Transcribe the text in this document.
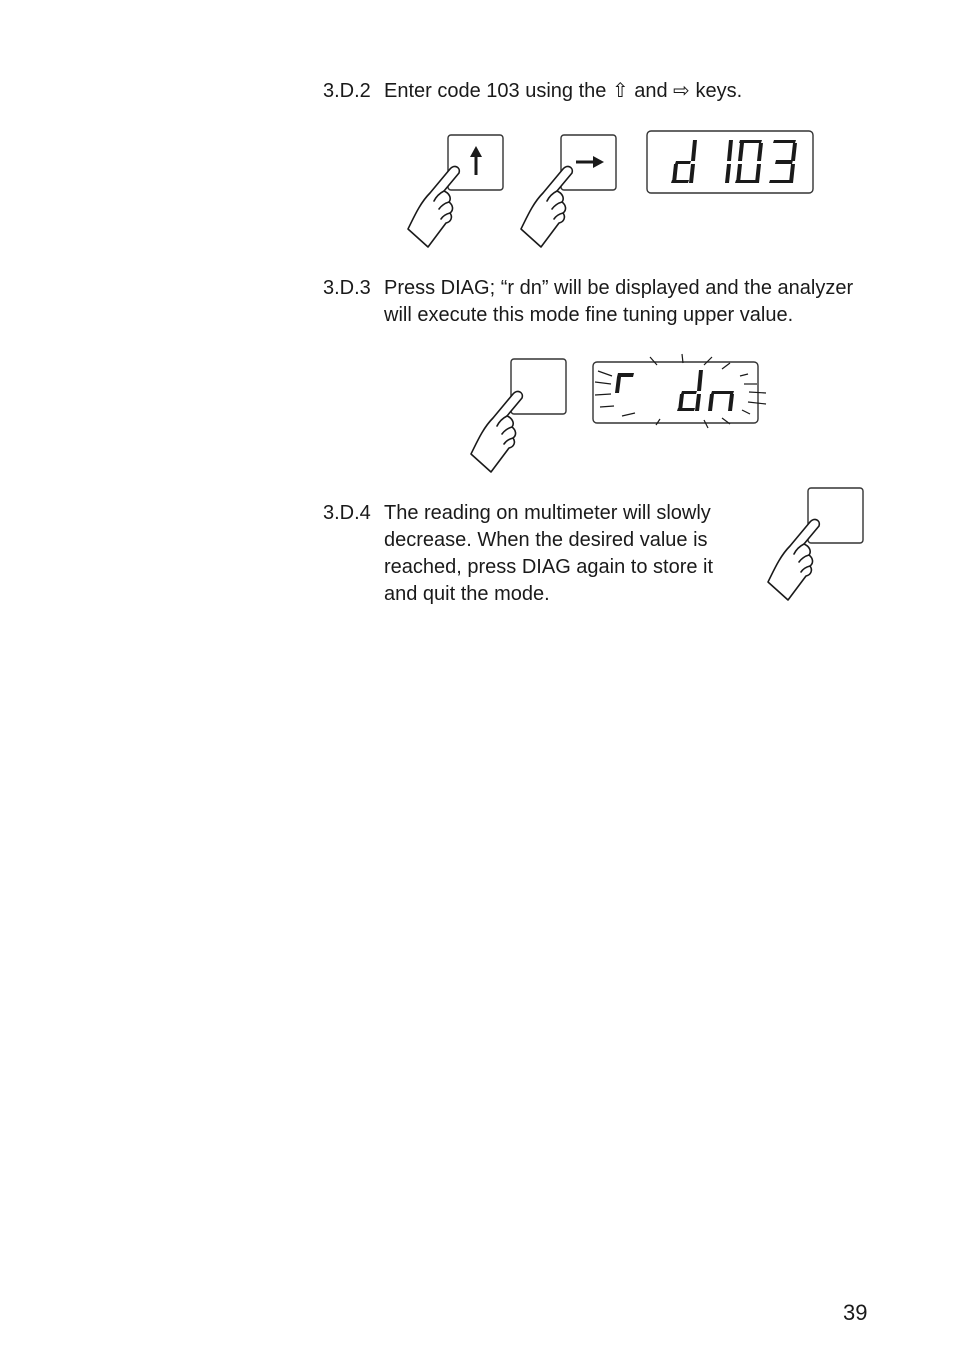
3.D.2 Enter code 103 using the ⇧ and ⇨ keys.

3.D.3 Press DIAG; “r dn” will be displayed and the analyzer

will execute this mode fine tuning upper value.

3.D.4 The reading on multimeter will slowly

decrease. When the desired value is

reached, press DIAG again to store it

and quit the mode.

39
